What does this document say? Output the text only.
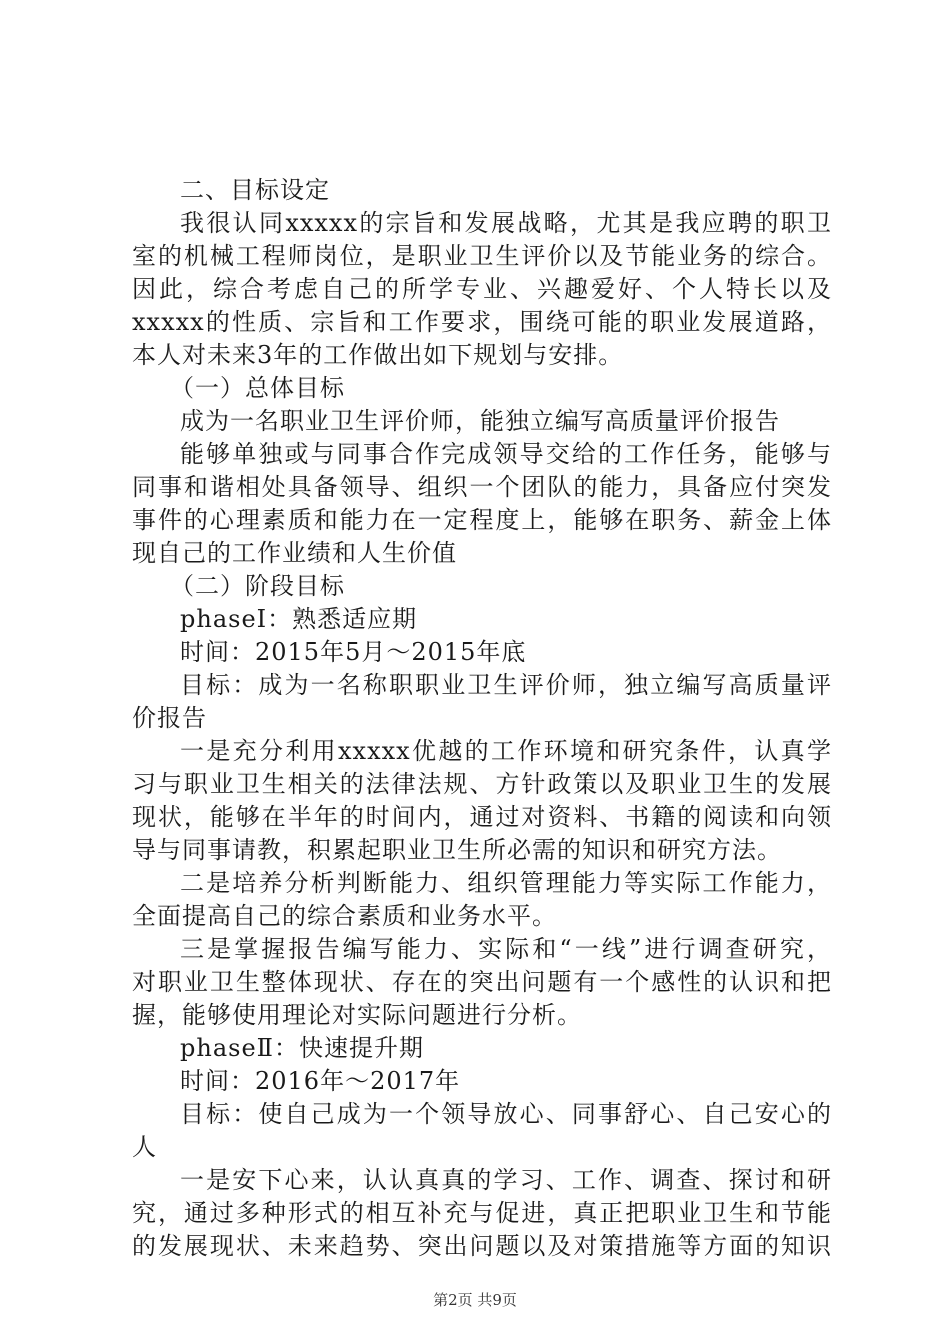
二、目标设定
我很认同xxxxx的宗旨和发展战略，尤其是我应聘的职卫
室的机械工程师岗位，是职业卫生评价以及节能业务的综合。
因此，综合考虑自己的所学专业、兴趣爱好、个人特长以及
xxxxx的性质、宗旨和工作要求，围绕可能的职业发展道路，
本人对未来3年的工作做出如下规划与安排。
（一）总体目标
成为一名职业卫生评价师，能独立编写高质量评价报告
能够单独或与同事合作完成领导交给的工作任务，能够与
同事和谐相处具备领导、组织一个团队的能力，具备应付突发
事件的心理素质和能力在一定程度上，能够在职务、薪金上体
现自己的工作业绩和人生价值
（二）阶段目标
phaseⅠ：熟悉适应期
时间：2015年5月～2015年底
目标：成为一名称职职业卫生评价师，独立编写高质量评
价报告
一是充分利用xxxxx优越的工作环境和研究条件，认真学
习与职业卫生相关的法律法规、方针政策以及职业卫生的发展
现状，能够在半年的时间内，通过对资料、书籍的阅读和向领
导与同事请教，积累起职业卫生所必需的知识和研究方法。
二是培养分析判断能力、组织管理能力等实际工作能力，
全面提高自己的综合素质和业务水平。
三是掌握报告编写能力、实际和“一线”进行调查研究，
对职业卫生整体现状、存在的突出问题有一个感性的认识和把
握，能够使用理论对实际问题进行分析。
phaseⅡ：快速提升期
时间：2016年～2017年
目标：使自己成为一个领导放心、同事舒心、自己安心的
人
一是安下心来，认认真真的学习、工作、调查、探讨和研
究，通过多种形式的相互补充与促进，真正把职业卫生和节能
的发展现状、未来趋势、突出问题以及对策措施等方面的知识
第2页 共9页
